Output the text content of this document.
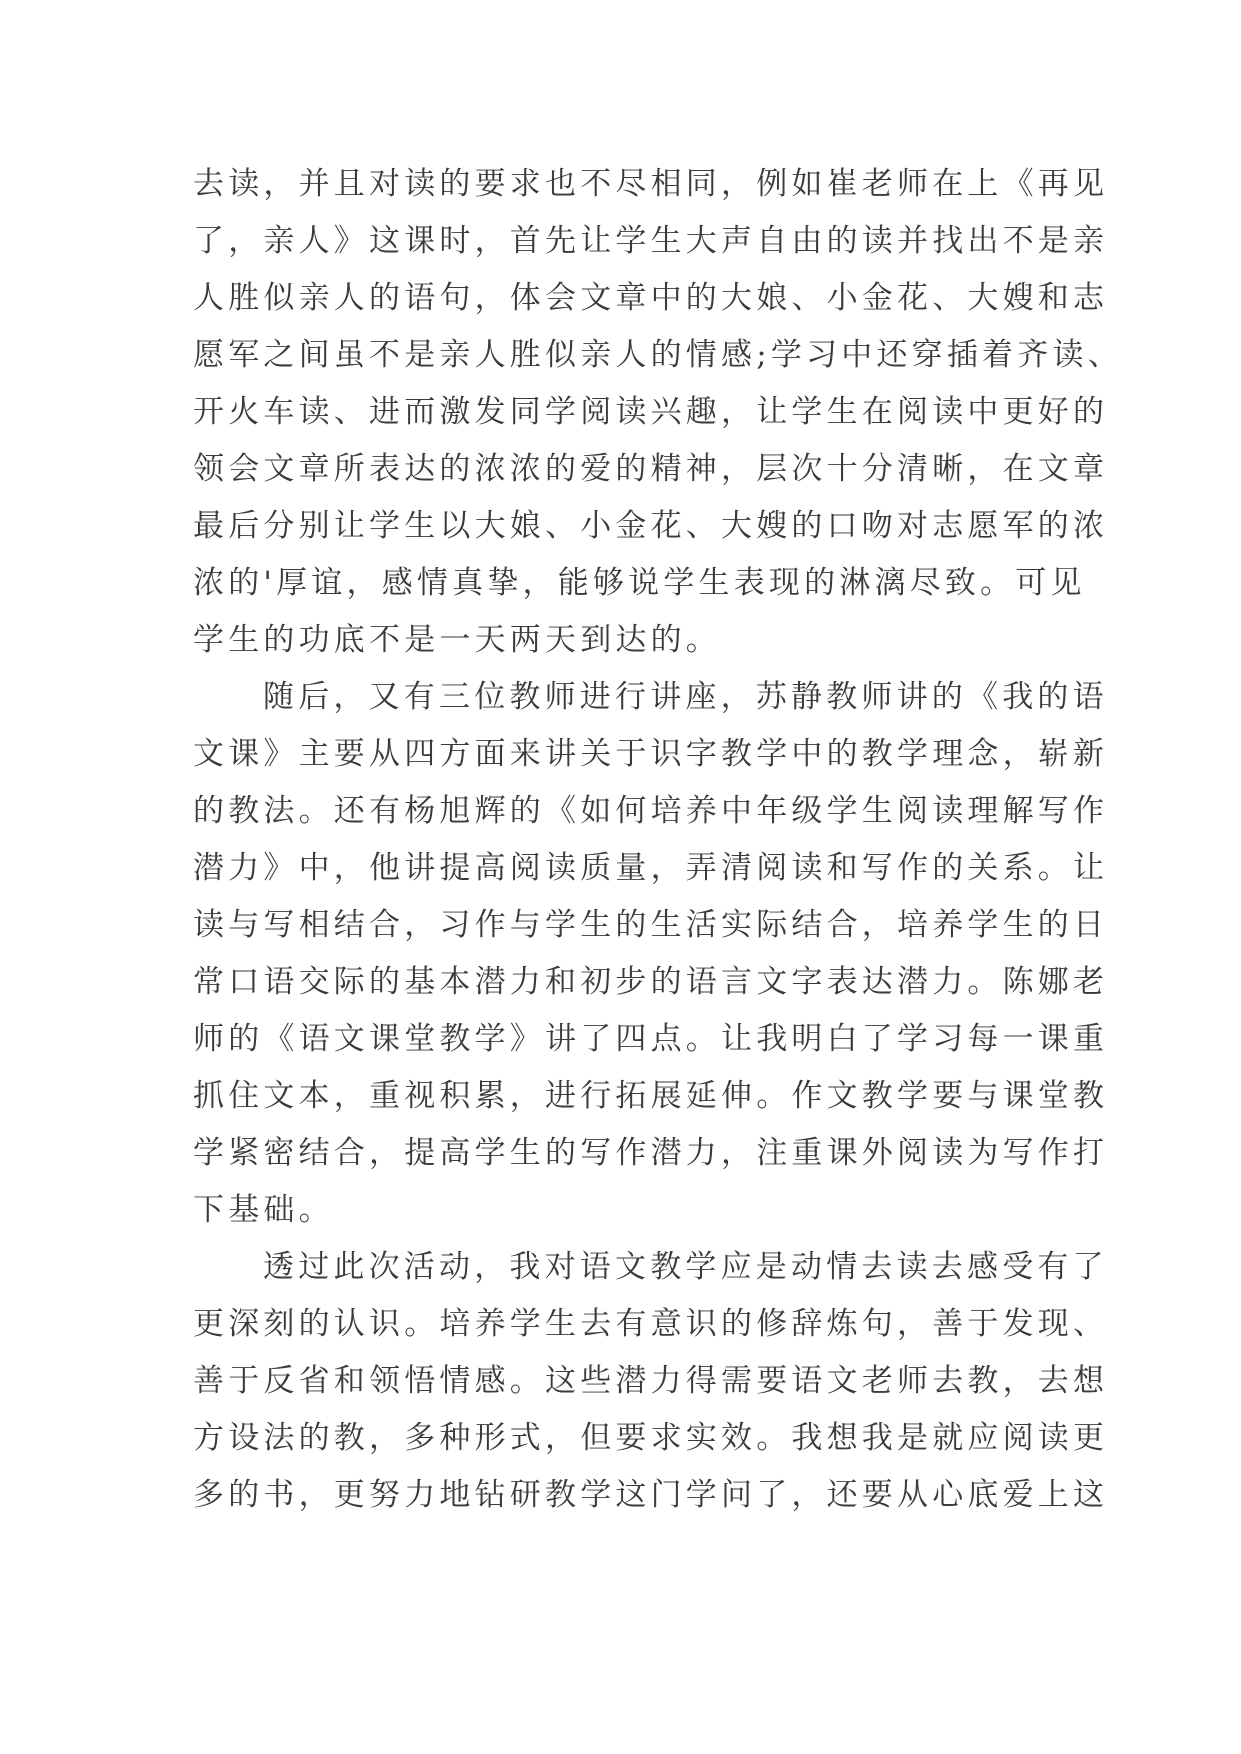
去读，并且对读的要求也不尽相同，例如崔老师在上《再见
了，亲人》这课时，首先让学生大声自由的读并找出不是亲
人胜似亲人的语句，体会文章中的大娘、小金花、大嫂和志
愿军之间虽不是亲人胜似亲人的情感;学习中还穿插着齐读、
开火车读、进而激发同学阅读兴趣，让学生在阅读中更好的
领会文章所表达的浓浓的爱的精神，层次十分清晰，在文章
最后分别让学生以大娘、小金花、大嫂的口吻对志愿军的浓
浓的'厚谊，感情真挚，能够说学生表现的淋漓尽致。可见
学生的功底不是一天两天到达的。
随后，又有三位教师进行讲座，苏静教师讲的《我的语
文课》主要从四方面来讲关于识字教学中的教学理念，崭新
的教法。还有杨旭辉的《如何培养中年级学生阅读理解写作
潜力》中，他讲提高阅读质量，弄清阅读和写作的关系。让
读与写相结合，习作与学生的生活实际结合，培养学生的日
常口语交际的基本潜力和初步的语言文字表达潜力。陈娜老
师的《语文课堂教学》讲了四点。让我明白了学习每一课重
抓住文本，重视积累，进行拓展延伸。作文教学要与课堂教
学紧密结合，提高学生的写作潜力，注重课外阅读为写作打
下基础。
透过此次活动，我对语文教学应是动情去读去感受有了
更深刻的认识。培养学生去有意识的修辞炼句，善于发现、
善于反省和领悟情感。这些潜力得需要语文老师去教，去想
方设法的教，多种形式，但要求实效。我想我是就应阅读更
多的书，更努力地钻研教学这门学问了，还要从心底爱上这
